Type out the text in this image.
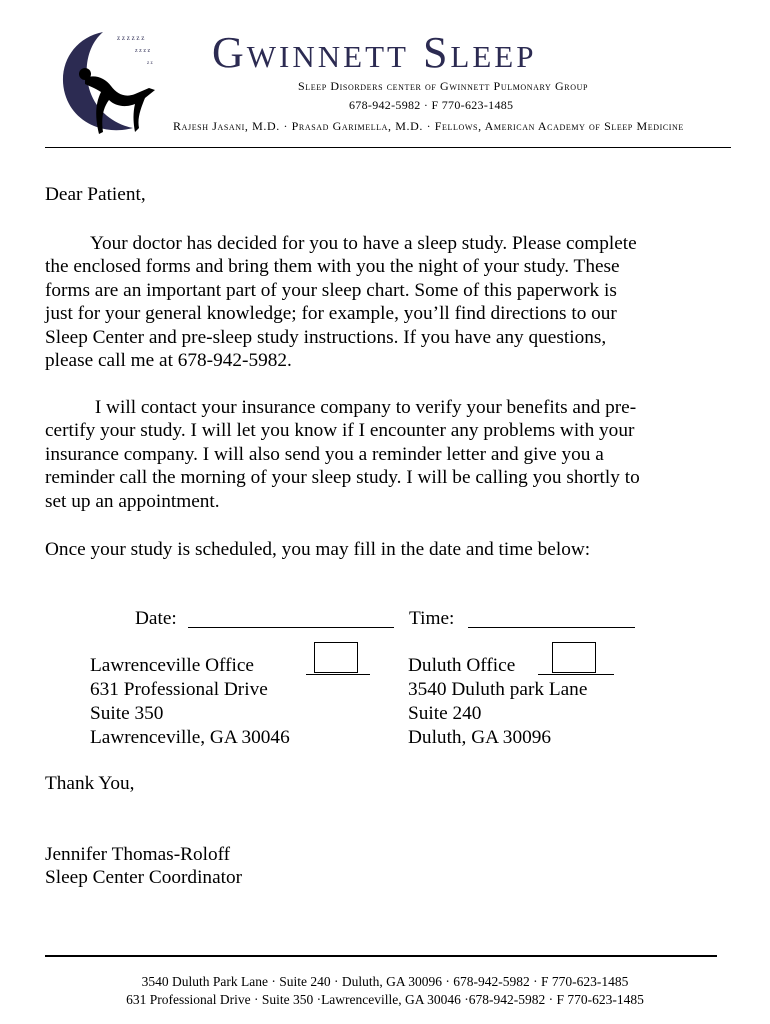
z z z z z z
z z z z
z z Gwinnett Sleep
Sleep Disorders center of Gwinnett Pulmonary Group
678-942-5982 · F 770-623-1485
Rajesh Jasani, M.D. · Prasad Garimella, M.D. · Fellows, American Academy of Sleep Medicine
Dear Patient,
Your doctor has decided for you to have a sleep study. Please complete
the enclosed forms and bring them with you the night of your study. These
forms are an important part of your sleep chart. Some of this paperwork is
just for your general knowledge; for example, you’ll find directions to our
Sleep Center and pre-sleep study instructions. If you have any questions,
please call me at 678-942-5982.
I will contact your insurance company to verify your benefits and pre-
certify your study. I will let you know if I encounter any problems with your
insurance company. I will also send you a reminder letter and give you a
reminder call the morning of your sleep study. I will be calling you shortly to
set up an appointment.
Once your study is scheduled, you may fill in the date and time below:
Date:	Time:
Lawrenceville Office
631 Professional Drive
Suite 350
Lawrenceville, GA 30046
Duluth Office
3540 Duluth park Lane
Suite 240
Duluth, GA 30096
Thank You,
Jennifer Thomas-Roloff
Sleep Center Coordinator
3540 Duluth Park Lane · Suite 240 · Duluth, GA 30096 · 678-942-5982 · F 770-623-1485
631 Professional Drive · Suite 350 ·Lawrenceville, GA 30046 ·678-942-5982 · F 770-623-1485
